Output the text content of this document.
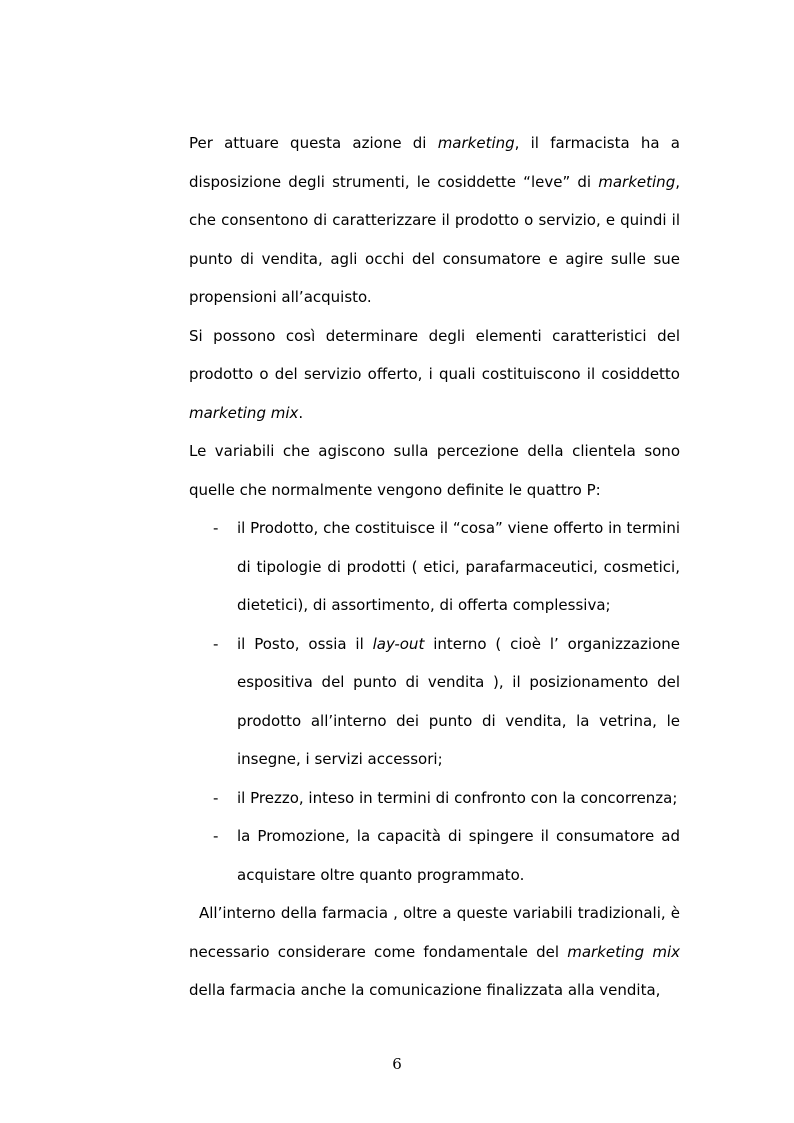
Per attuare questa azione di marketing, il farmacista ha a disposizione degli strumenti, le cosiddette “leve” di marketing, che consentono di caratterizzare il prodotto o servizio, e quindi il punto di vendita, agli occhi del consumatore e agire sulle sue propensioni all’acquisto.

Si possono così determinare degli elementi caratteristici del prodotto o del servizio offerto, i quali costituiscono il cosiddetto marketing mix.

Le variabili che agiscono sulla percezione della clientela sono quelle che normalmente vengono definite le quattro P:

- il Prodotto, che costituisce il “cosa” viene offerto in termini di tipologie di prodotti ( etici, parafarmaceutici, cosmetici, dietetici), di assortimento, di offerta complessiva;
- il Posto, ossia il lay-out interno ( cioè l’ organizzazione espositiva del punto di vendita ), il posizionamento del prodotto all’interno dei punto di vendita, la vetrina, le insegne, i servizi accessori;
- il Prezzo, inteso in termini di confronto con la concorrenza;
- la Promozione, la capacità di spingere il consumatore ad acquistare oltre quanto programmato.

All’interno della farmacia , oltre a queste variabili tradizionali, è necessario considerare come fondamentale del marketing mix della farmacia anche la comunicazione finalizzata alla vendita,

6
